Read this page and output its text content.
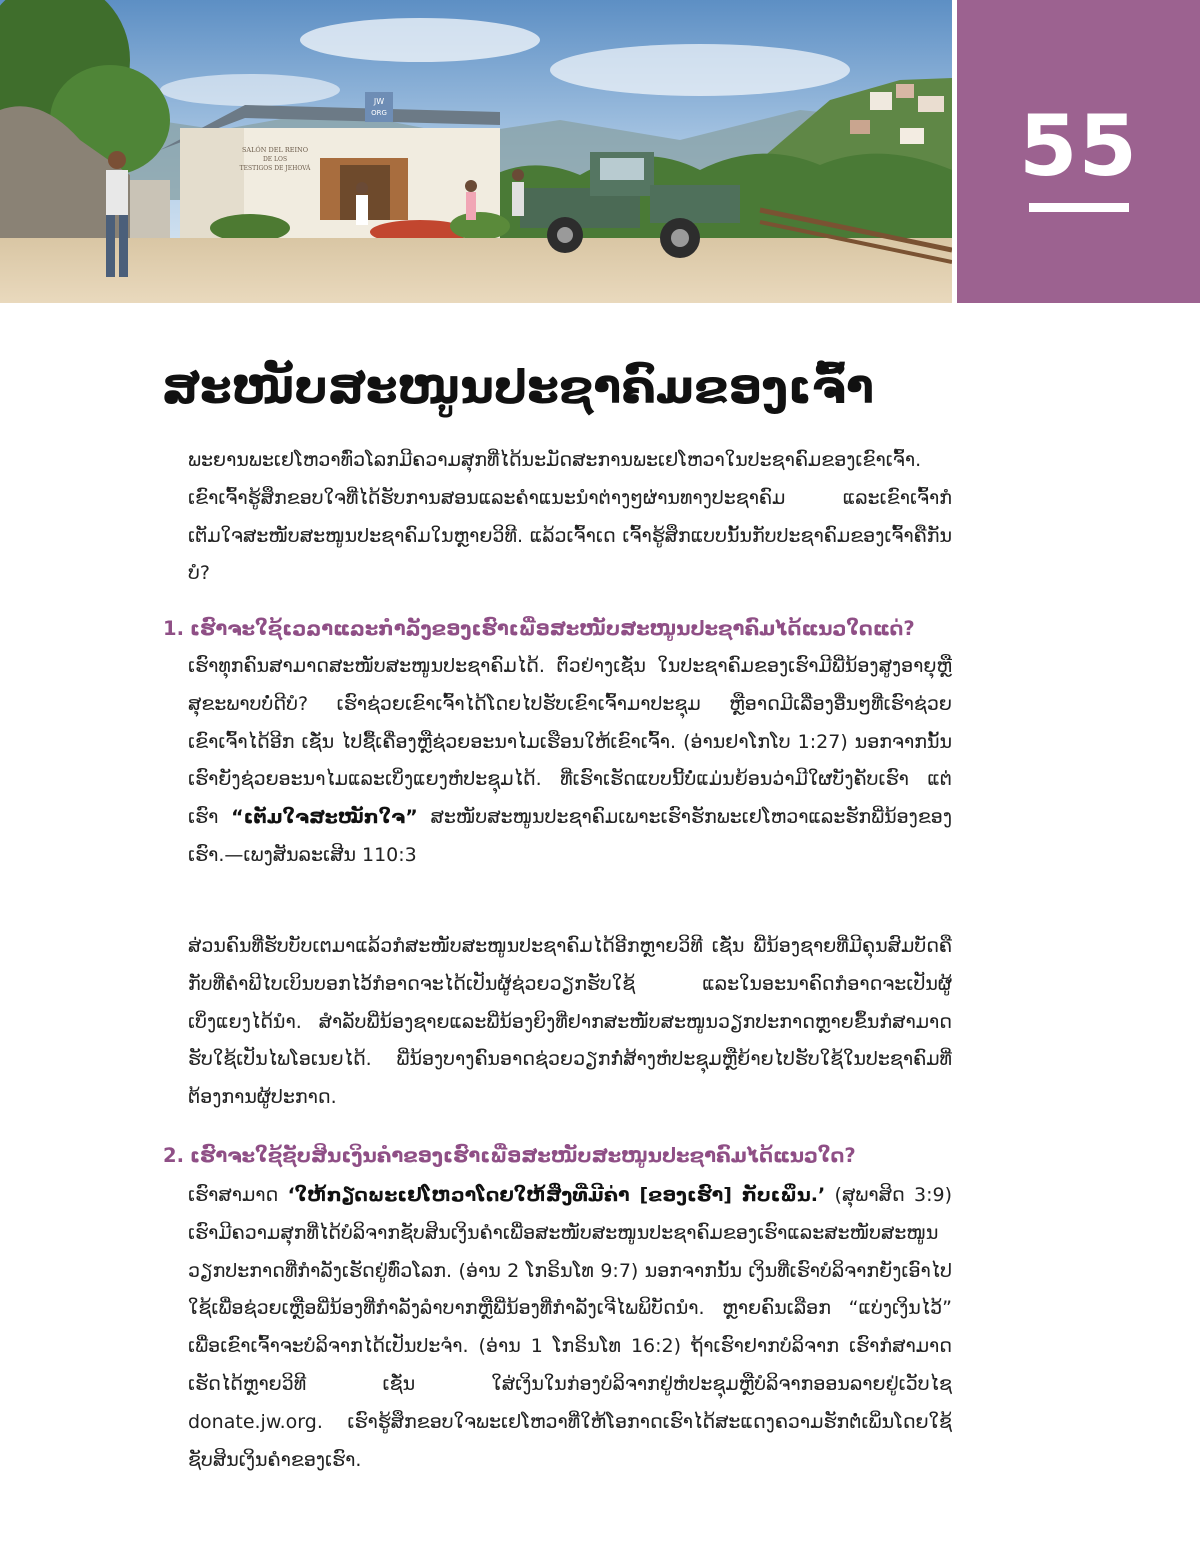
JW
ORG
SALÓN DEL REINO
DE LOS
TESTIGOS DE JEHOVÁ	55
ສະໜັບສະໜູນປະຊາຄົມຂອງເຈົ້າ

ພະຍານພະເຢໂຫວາທົ່ວໂລກມີຄວາມສຸກທີ່ໄດ້ນະມັດສະການພະເຢໂຫວາໃນປະຊາຄົມຂອງເຂົາເຈົ້າ. ເຂົາເຈົ້າຮູ້ສຶກຂອບໃຈທີ່ໄດ້ຮັບການສອນແລະຄຳແນະນຳຕ່າງໆຜ່ານທາງປະຊາຄົມ ແລະເຂົາເຈົ້າກໍເຕັມໃຈສະໜັບສະໜູນປະຊາຄົມໃນຫຼາຍວິທີ. ແລ້ວເຈົ້າເດ ເຈົ້າຮູ້ສຶກແບບນັ້ນກັບປະຊາຄົມຂອງເຈົ້າຄືກັນບໍ?

1. ເຮົາຈະໃຊ້ເວລາແລະກຳລັງຂອງເຮົາເພື່ອສະໜັບສະໜູນປະຊາຄົມໄດ້ແນວໃດແດ່?

ເຮົາທຸກຄົນສາມາດສະໜັບສະໜູນປະຊາຄົມໄດ້. ຕົວຢ່າງເຊັ່ນ ໃນປະຊາຄົມຂອງເຮົາມີພີ່ນ້ອງສູງອາຍຸຫຼືສຸຂະພາບບໍ່ດີບໍ? ເຮົາຊ່ວຍເຂົາເຈົ້າໄດ້ໂດຍໄປຮັບເຂົາເຈົ້າມາປະຊຸມ ຫຼືອາດມີເລື່ອງອື່ນໆທີ່ເຮົາຊ່ວຍເຂົາເຈົ້າໄດ້ອີກ ເຊັ່ນ ໄປຊື້ເຄື່ອງຫຼືຊ່ວຍອະນາໄມເຮືອນໃຫ້ເຂົາເຈົ້າ. (ອ່ານຢາໂກໂບ 1:27) ນອກຈາກນັ້ນ ເຮົາຍັງຊ່ວຍອະນາໄມແລະເບິ່ງແຍງຫໍປະຊຸມໄດ້. ທີ່ເຮົາເຮັດແບບນີ້ບໍ່ແມ່ນຍ້ອນວ່າມີໃຜບັງຄັບເຮົາ ແຕ່ເຮົາ “ເຕັມໃຈສະໝັກໃຈ” ສະໜັບສະໜູນປະຊາຄົມເພາະເຮົາຮັກພະເຢໂຫວາແລະຮັກພີ່ນ້ອງຂອງເຮົາ.—ເພງສັນລະເສີນ 110:3

ສ່ວນຄົນທີ່ຮັບບັບເຕມາແລ້ວກໍສະໜັບສະໜູນປະຊາຄົມໄດ້ອີກຫຼາຍວິທີ ເຊັ່ນ ພີ່ນ້ອງຊາຍທີ່ມີຄຸນສົມບັດຄືກັບທີ່ຄຳພີໄບເບິນບອກໄວ້ກໍອາດຈະໄດ້ເປັນຜູ້ຊ່ວຍວຽກຮັບໃຊ້ ແລະໃນອະນາຄົດກໍອາດຈະເປັນຜູ້ເບິ່ງແຍງໄດ້ນຳ. ສຳລັບພີ່ນ້ອງຊາຍແລະພີ່ນ້ອງຍິງທີ່ຢາກສະໜັບສະໜູນວຽກປະກາດຫຼາຍຂຶ້ນກໍສາມາດຮັບໃຊ້ເປັນໄພໂອເນຍໄດ້. ພີ່ນ້ອງບາງຄົນອາດຊ່ວຍວຽກກໍ່ສ້າງຫໍປະຊຸມຫຼືຍ້າຍໄປຮັບໃຊ້ໃນປະຊາຄົມທີ່ຕ້ອງການຜູ້ປະກາດ.

2. ເຮົາຈະໃຊ້ຊັບສິນເງິນຄຳຂອງເຮົາເພື່ອສະໜັບສະໜູນປະຊາຄົມໄດ້ແນວໃດ?

ເຮົາສາມາດ ‘ໃຫ້ກຽດພະເຢໂຫວາໂດຍໃຫ້ສິ່ງທີ່ມີຄ່າ [ຂອງເຮົາ] ກັບເພິ່ນ.’ (ສຸພາສິດ 3:9) ເຮົາມີຄວາມສຸກທີ່ໄດ້ບໍລິຈາກຊັບສິນເງິນຄຳເພື່ອສະໜັບສະໜູນປະຊາຄົມຂອງເຮົາແລະສະໜັບສະໜູນວຽກປະກາດທີ່ກຳລັງເຮັດຢູ່ທົ່ວໂລກ. (ອ່ານ 2 ໂກຣິນໂທ 9:7) ນອກຈາກນັ້ນ ເງິນທີ່ເຮົາບໍລິຈາກຍັງເອົາໄປໃຊ້ເພື່ອຊ່ວຍເຫຼືອພີ່ນ້ອງທີ່ກຳລັງລຳບາກຫຼືພີ່ນ້ອງທີ່ກຳລັງເຈີໄພພິບັດນຳ. ຫຼາຍຄົນເລືອກ “ແບ່ງເງິນໄວ້” ເພື່ອເຂົາເຈົ້າຈະບໍລິຈາກໄດ້ເປັນປະຈຳ. (ອ່ານ 1 ໂກຣິນໂທ 16:2) ຖ້າເຮົາຢາກບໍລິຈາກ ເຮົາກໍສາມາດເຮັດໄດ້ຫຼາຍວິທີ ເຊັ່ນ ໃສ່ເງິນໃນກ່ອງບໍລິຈາກຢູ່ຫໍປະຊຸມຫຼືບໍລິຈາກອອນລາຍຢູ່ເວັບໄຊ donate.jw.org. ເຮົາຮູ້ສຶກຂອບໃຈພະເຢໂຫວາທີ່ໃຫ້ໂອກາດເຮົາໄດ້ສະແດງຄວາມຮັກຕໍ່ເພິ່ນໂດຍໃຊ້ຊັບສິນເງິນຄຳຂອງເຮົາ.
